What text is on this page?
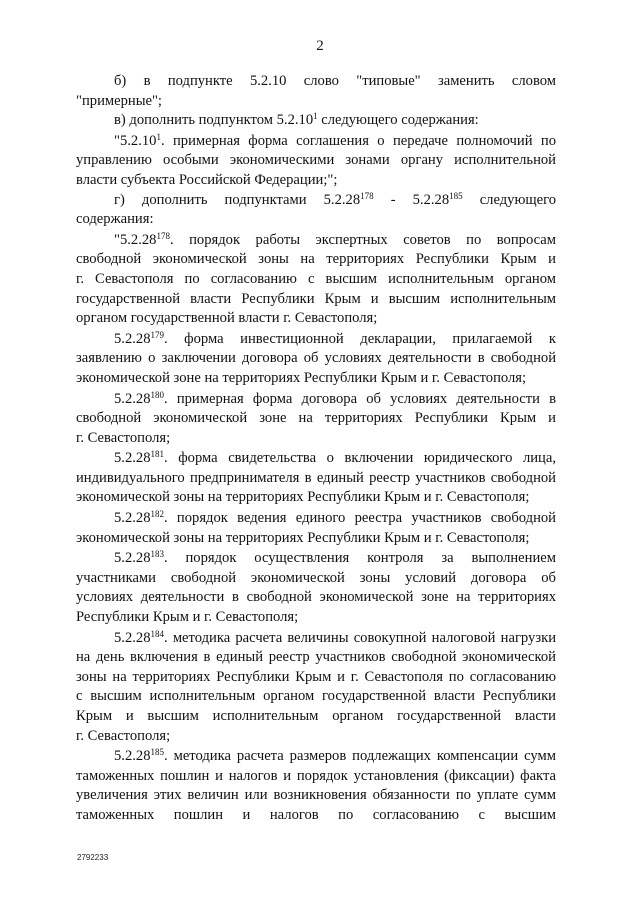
2
б) в подпункте 5.2.10 слово "типовые" заменить словом
"примерные";
в) дополнить подпунктом 5.2.10$^1$ следующего содержания:
"5.2.10$^1$. примерная форма соглашения о передаче полномочий по
управлению особыми экономическими зонами органу исполнительной
власти субъекта Российской Федерации;";
г) дополнить подпунктами 5.2.28$^{178}$ - 5.2.28$^{185}$ следующего
содержания:
"5.2.28$^{178}$. порядок работы экспертных советов по вопросам
свободной экономической зоны на территориях Республики Крым и
г. Севастополя по согласованию с высшим исполнительным органом
государственной власти Республики Крым и высшим исполнительным
органом государственной власти г. Севастополя;
5.2.28$^{179}$. форма инвестиционной декларации, прилагаемой к
заявлению о заключении договора об условиях деятельности в свободной
экономической зоне на территориях Республики Крым и г. Севастополя;
5.2.28$^{180}$. примерная форма договора об условиях деятельности в
свободной экономической зоне на территориях Республики Крым и
г. Севастополя;
5.2.28$^{181}$. форма свидетельства о включении юридического лица,
индивидуального предпринимателя в единый реестр участников свободной
экономической зоны на территориях Республики Крым и г. Севастополя;
5.2.28$^{182}$. порядок ведения единого реестра участников свободной
экономической зоны на территориях Республики Крым и г. Севастополя;
5.2.28$^{183}$. порядок осуществления контроля за выполнением
участниками свободной экономической зоны условий договора об
условиях деятельности в свободной экономической зоне на территориях
Республики Крым и г. Севастополя;
5.2.28$^{184}$. методика расчета величины совокупной налоговой нагрузки
на день включения в единый реестр участников свободной экономической
зоны на территориях Республики Крым и г. Севастополя по согласованию
с высшим исполнительным органом государственной власти Республики
Крым и высшим исполнительным органом государственной власти
г. Севастополя;
5.2.28$^{185}$. методика расчета размеров подлежащих компенсации сумм
таможенных пошлин и налогов и порядок установления (фиксации) факта
увеличения этих величин или возникновения обязанности по уплате сумм
таможенных пошлин и налогов по согласованию с высшим
2792233
